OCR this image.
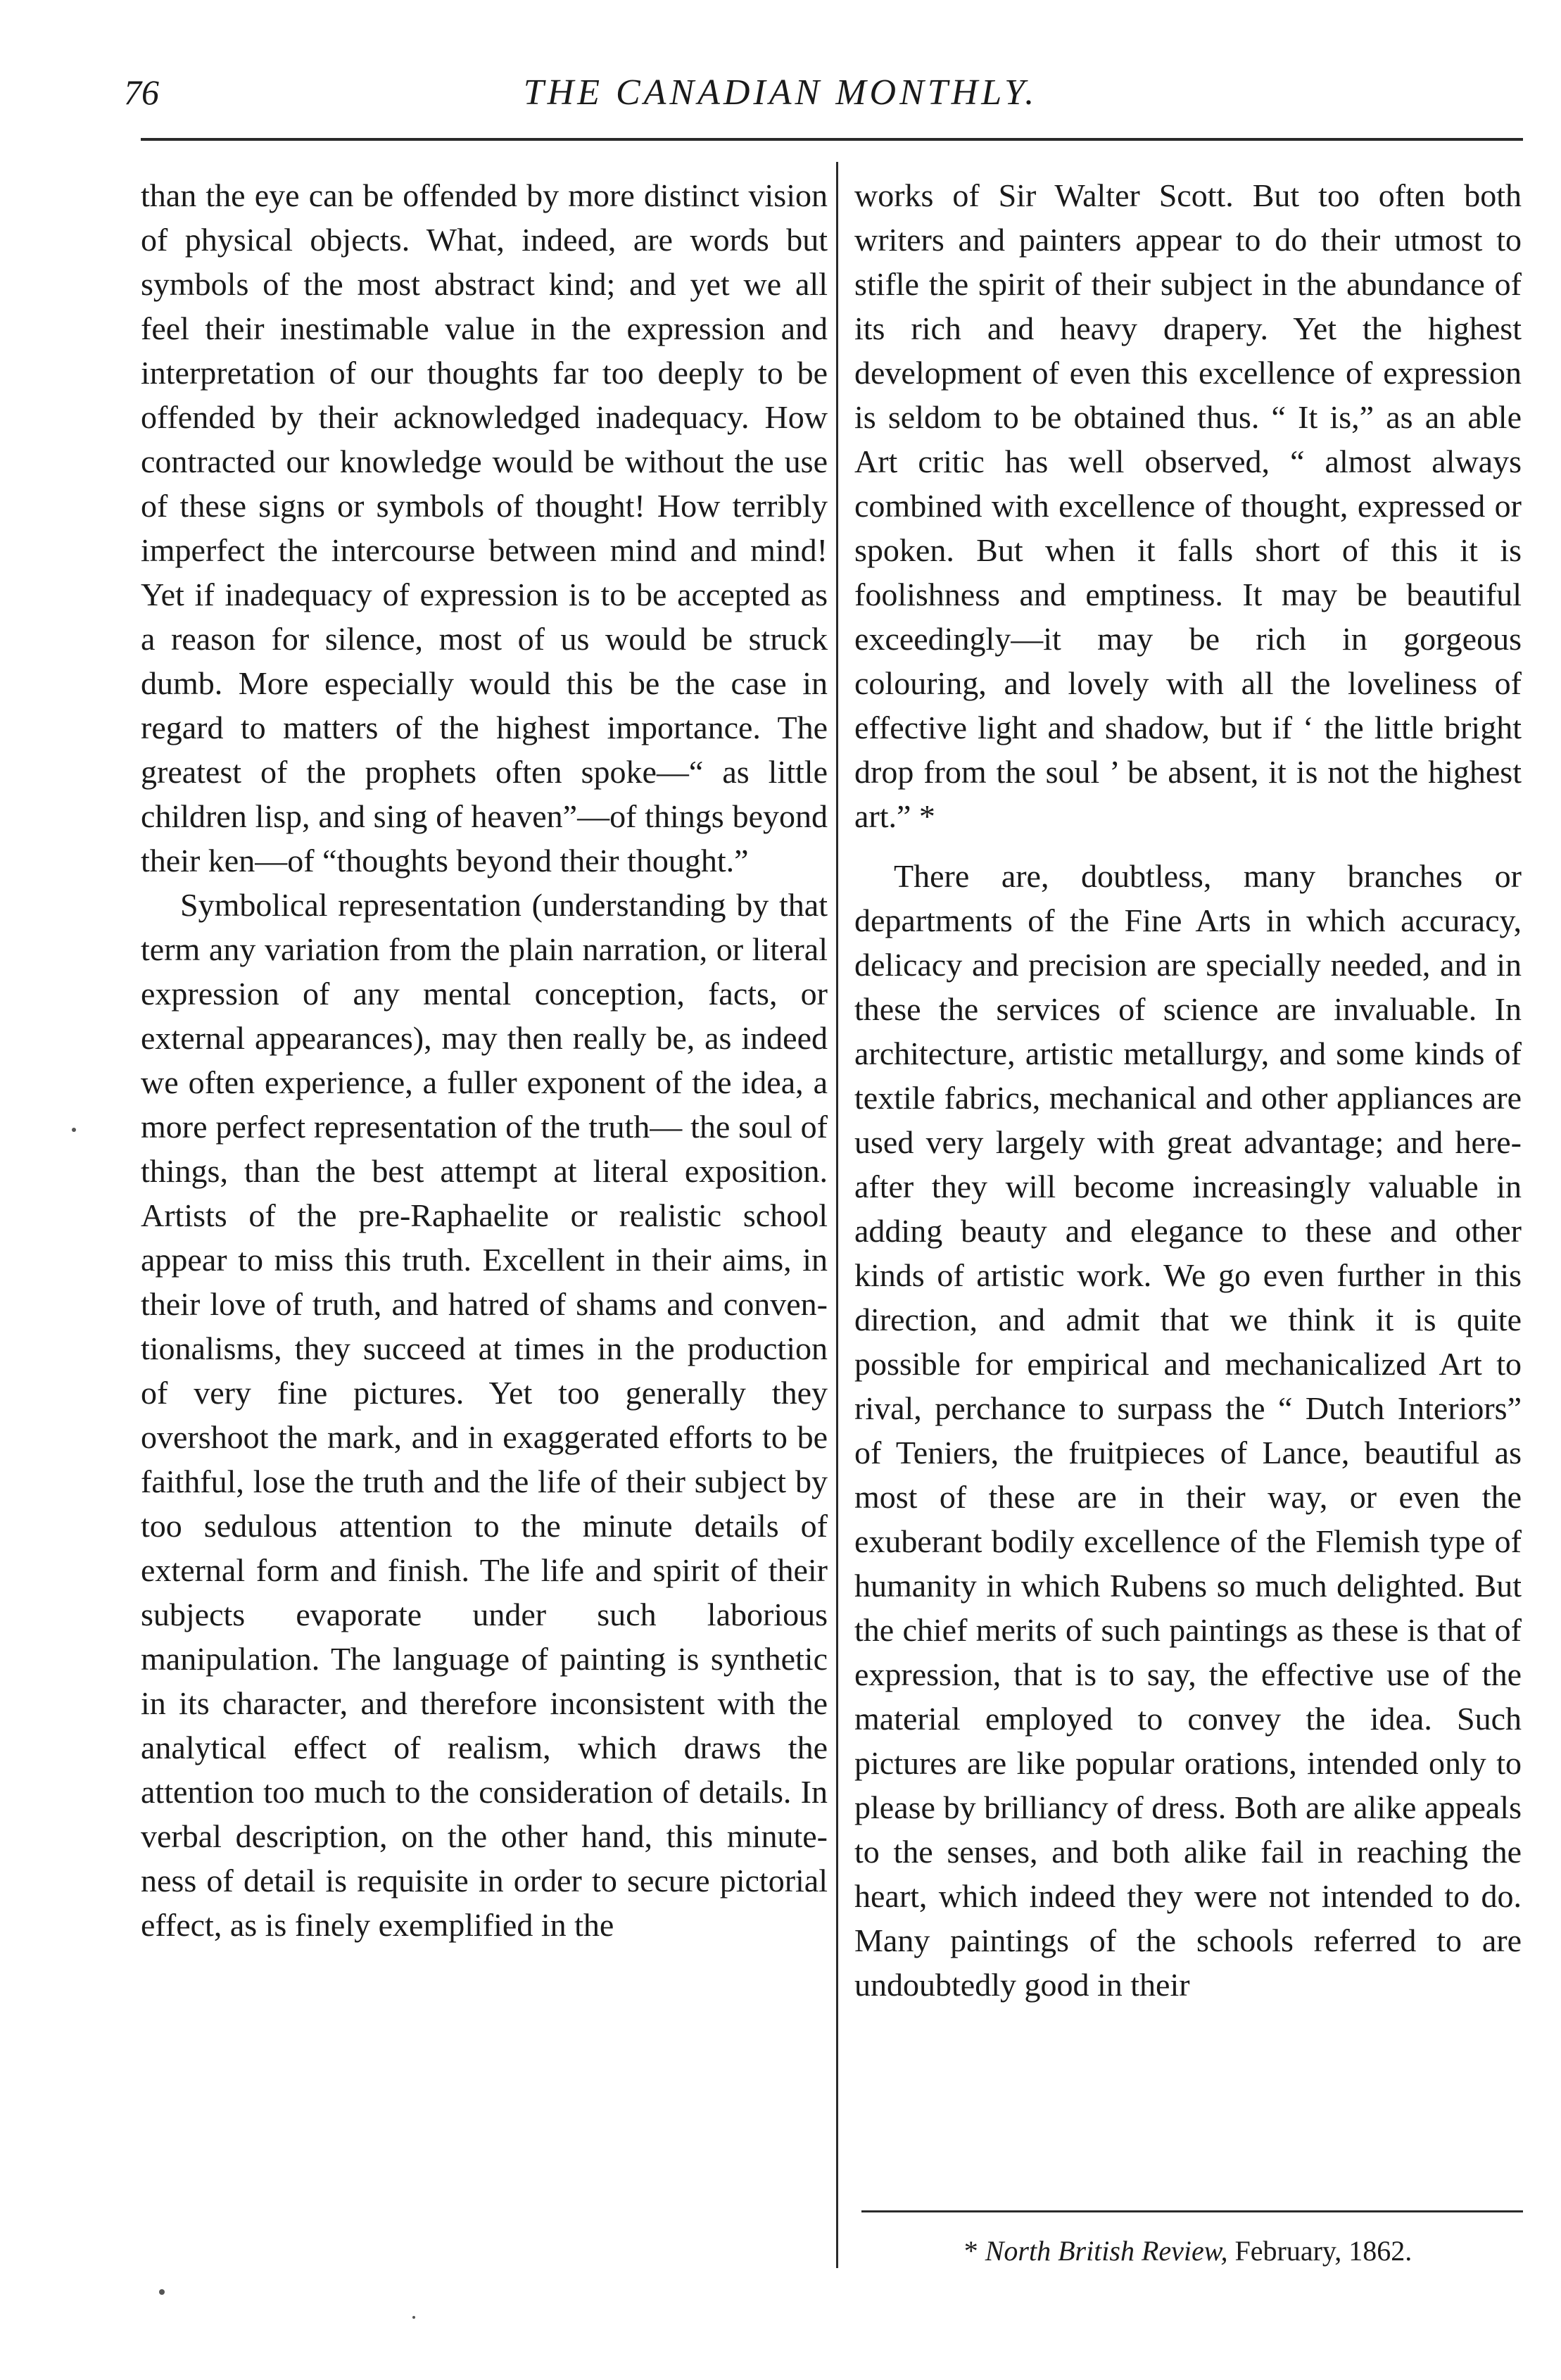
76	THE CANADIAN MONTHLY.

than the eye can be offended by more distinct vision of physical objects. What, indeed, are words but symbols of the most abstract kind; and yet we all feel their inestimable value in the expression and interpretation of our thoughts far too deeply to be offended by their acknowledged inadequacy. How contracted our knowledge would be without the use of these signs or symbols of thought! How terribly imperfect the intercourse between mind and mind! Yet if inadequacy of expression is to be accepted as a reason for silence, most of us would be struck dumb. More especially would this be the case in regard to matters of the highest importance. The greatest of the prophets often spoke—“ as little children lisp, and sing of heaven”—of things beyond their ken—of “thoughts beyond their thought.”

Symbolical representation (understanding by that term any variation from the plain narration, or literal expression of any mental conception, facts, or external appearances), may then really be, as indeed we often experience, a fuller exponent of the idea, a more perfect representation of the truth— the soul of things, than the best attempt at literal exposition. Artists of the pre-Raphaelite or realistic school appear to miss this truth. Excellent in their aims, in their love of truth, and hatred of shams and conventionalisms, they succeed at times in the production of very fine pictures. Yet too generally they overshoot the mark, and in exaggerated efforts to be faithful, lose the truth and the life of their subject by too sedulous attention to the minute details of external form and finish. The life and spirit of their subjects evaporate under such laborious manipulation. The language of painting is synthetic in its character, and therefore inconsistent with the analytical effect of realism, which draws the attention too much to the consideration of details. In verbal description, on the other hand, this minuteness of detail is requisite in order to secure pictorial effect, as is finely exemplified in the

works of Sir Walter Scott. But too often both writers and painters appear to do their utmost to stifle the spirit of their subject in the abundance of its rich and heavy drapery. Yet the highest development of even this excellence of expression is seldom to be obtained thus. “ It is,” as an able Art critic has well observed, “ almost always combined with excellence of thought, expressed or spoken. But when it falls short of this it is foolishness and emptiness. It may be beautiful exceedingly—it may be rich in gorgeous colouring, and lovely with all the loveliness of effective light and shadow, but if ‘ the little bright drop from the soul ’ be absent, it is not the highest art.” *

There are, doubtless, many branches or departments of the Fine Arts in which accuracy, delicacy and precision are specially needed, and in these the services of science are invaluable. In architecture, artistic metallurgy, and some kinds of textile fabrics, mechanical and other appliances are used very largely with great advantage; and hereafter they will become increasingly valuable in adding beauty and elegance to these and other kinds of artistic work. We go even further in this direction, and admit that we think it is quite possible for empirical and mechanicalized Art to rival, perchance to surpass the “ Dutch Interiors” of Teniers, the fruitpieces of Lance, beautiful as most of these are in their way, or even the exuberant bodily excellence of the Flemish type of humanity in which Rubens so much delighted. But the chief merits of such paintings as these is that of expression, that is to say, the effective use of the material employed to convey the idea. Such pictures are like popular orations, intended only to please by brilliancy of dress. Both are alike appeals to the senses, and both alike fail in reaching the heart, which indeed they were not intended to do. Many paintings of the schools referred to are undoubtedly good in their

* North British Review, February, 1862.
